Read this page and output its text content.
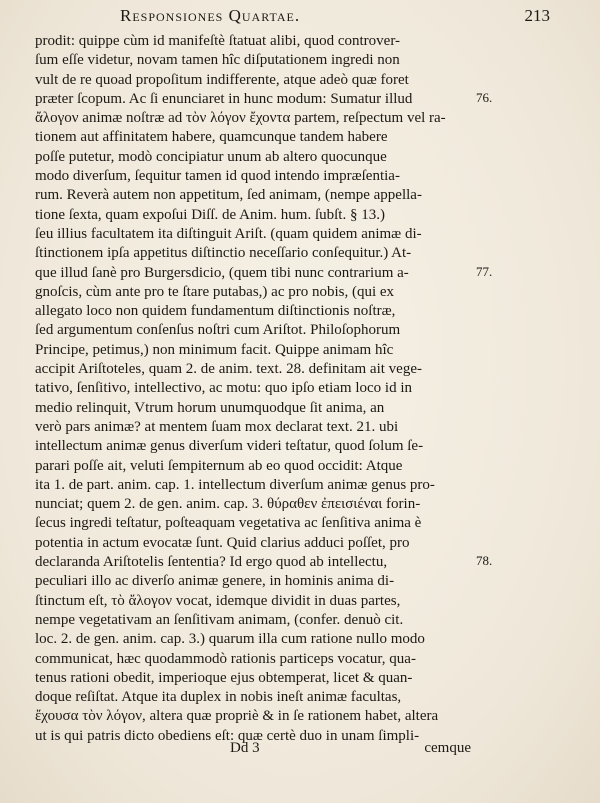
Responsiones Quartae.	213
prodit: quippe cùm id manifeſtè ſtatuat alibi, quod controver-
ſum eſſe videtur, novam tamen hîc diſputationem ingredi non
vult de re quoad propoſitum indifferente, atque adeò quæ foret
præter ſcopum. Ac ſi enunciaret in hunc modum: Sumatur illud
ἄλογον animæ noſtræ ad τὸν λόγον ἔχοντα partem, reſpectum vel ra-
tionem aut affinitatem habere, quamcunque tandem habere
poſſe putetur, modò concipiatur unum ab altero quocunque
modo diverſum, ſequitur tamen id quod intendo impræſentia-
rum. Reverà autem non appetitum, ſed animam, (nempe appella-
tione ſexta, quam expoſui Diſſ. de Anim. hum. ſubſt. § 13.)
ſeu illius facultatem ita diſtinguit Ariſt. (quam quidem animæ di-
ſtinctionem ipſa appetitus diſtinctio neceſſario conſequitur.) At-
que illud ſanè pro Burgersdicio, (quem tibi nunc contrarium a-
gnoſcis, cùm ante pro te ſtare putabas,) ac pro nobis, (qui ex
allegato loco non quidem fundamentum diſtinctionis noſtræ,
ſed argumentum conſenſus noſtri cum Ariſtot. Philoſophorum
Principe, petimus,) non minimum facit. Quippe animam hîc
accipit Ariſtoteles, quam 2. de anim. text. 28. definitam ait vege-
tativo, ſenſitivo, intellectivo, ac motu: quo ipſo etiam loco id in
medio relinquit, Vtrum horum unumquodque ſit anima, an
verò pars animæ? at mentem ſuam mox declarat text. 21. ubi
intellectum animæ genus diverſum videri teſtatur, quod ſolum ſe-
parari poſſe ait, veluti ſempiternum ab eo quod occidit: Atque
ita 1. de part. anim. cap. 1. intellectum diverſum animæ genus pro-
nunciat; quem 2. de gen. anim. cap. 3. θύραθεν ἐπεισιέναι forin-
ſecus ingredi teſtatur, poſteaquam vegetativa ac ſenſitiva anima è
potentia in actum evocatæ ſunt. Quid clarius adduci poſſet, pro
declaranda Ariſtotelis ſententia? Id ergo quod ab intellectu,
peculiari illo ac diverſo animæ genere, in hominis anima di-
ſtinctum eſt, τὸ ἄλογον vocat, idemque dividit in duas partes,
nempe vegetativam an ſenſitivam animam, (confer. denuò cit.
loc. 2. de gen. anim. cap. 3.) quarum illa cum ratione nullo modo
communicat, hæc quodammodò rationis particeps vocatur, qua-
tenus rationi obedit, imperioque ejus obtemperat, licet & quan-
doque reſiſtat. Atque ita duplex in nobis ineſt animæ facultas,
ἔχουσα τὸν λόγον, altera quæ propriè & in ſe rationem habet, altera
ut is qui patris dicto obediens eſt: quæ certè duo in unam ſimpli-
76.
77.
78.
Dd 3	cemque
